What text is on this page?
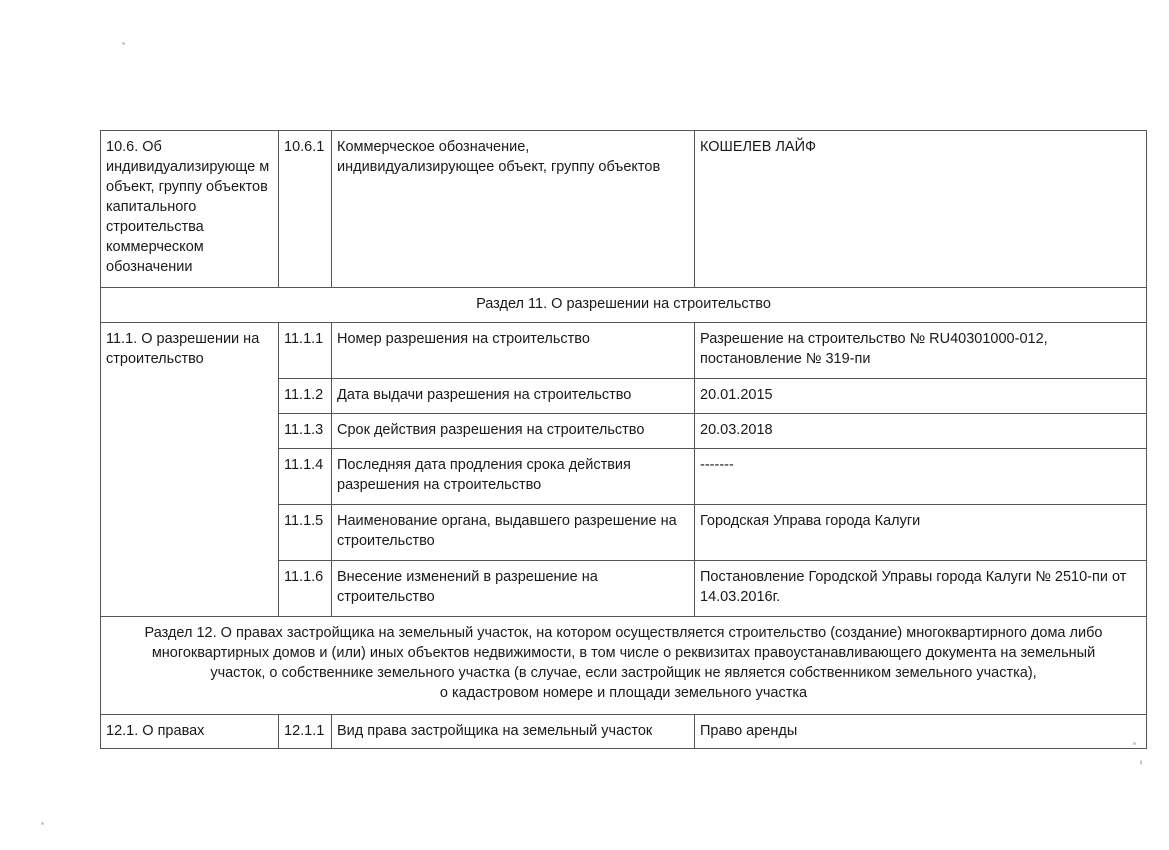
10.6. Об индивидуализирующе м объект, группу объектов капитального строительства коммерческом обозначении	10.6.1	Коммерческое обозначение, индивидуализирующее объект, группу объектов	КОШЕЛЕВ ЛАЙФ
Раздел 11. О разрешении на строительство			
11.1. О разрешении на строительство	11.1.1	Номер разрешения на строительство	Разрешение на строительство № RU40301000-012, постановление № 319-пи
	11.1.2	Дата выдачи разрешения на строительство	20.01.2015
	11.1.3	Срок действия разрешения на строительство	20.03.2018
	11.1.4	Последняя дата продления срока действия разрешения на строительство	-------
	11.1.5	Наименование органа, выдавшего разрешение на строительство	Городская Управа города Калуги
	11.1.6	Внесение изменений в разрешение на строительство	Постановление Городской Управы города Калуги № 2510-пи от 14.03.2016г.

Раздел 12. О правах застройщика на земельный участок, на котором осуществляется строительство (создание) многоквартирного дома либо
многоквартирных домов и (или) иных объектов недвижимости, в том числе о реквизитах правоустанавливающего документа на земельный
участок, о собственнике земельного участка (в случае, если застройщик не является собственником земельного участка),
о кадастровом номере и площади земельного участка			

12.1. О правах	12.1.1	Вид права застройщика на земельный участок	Право аренды
